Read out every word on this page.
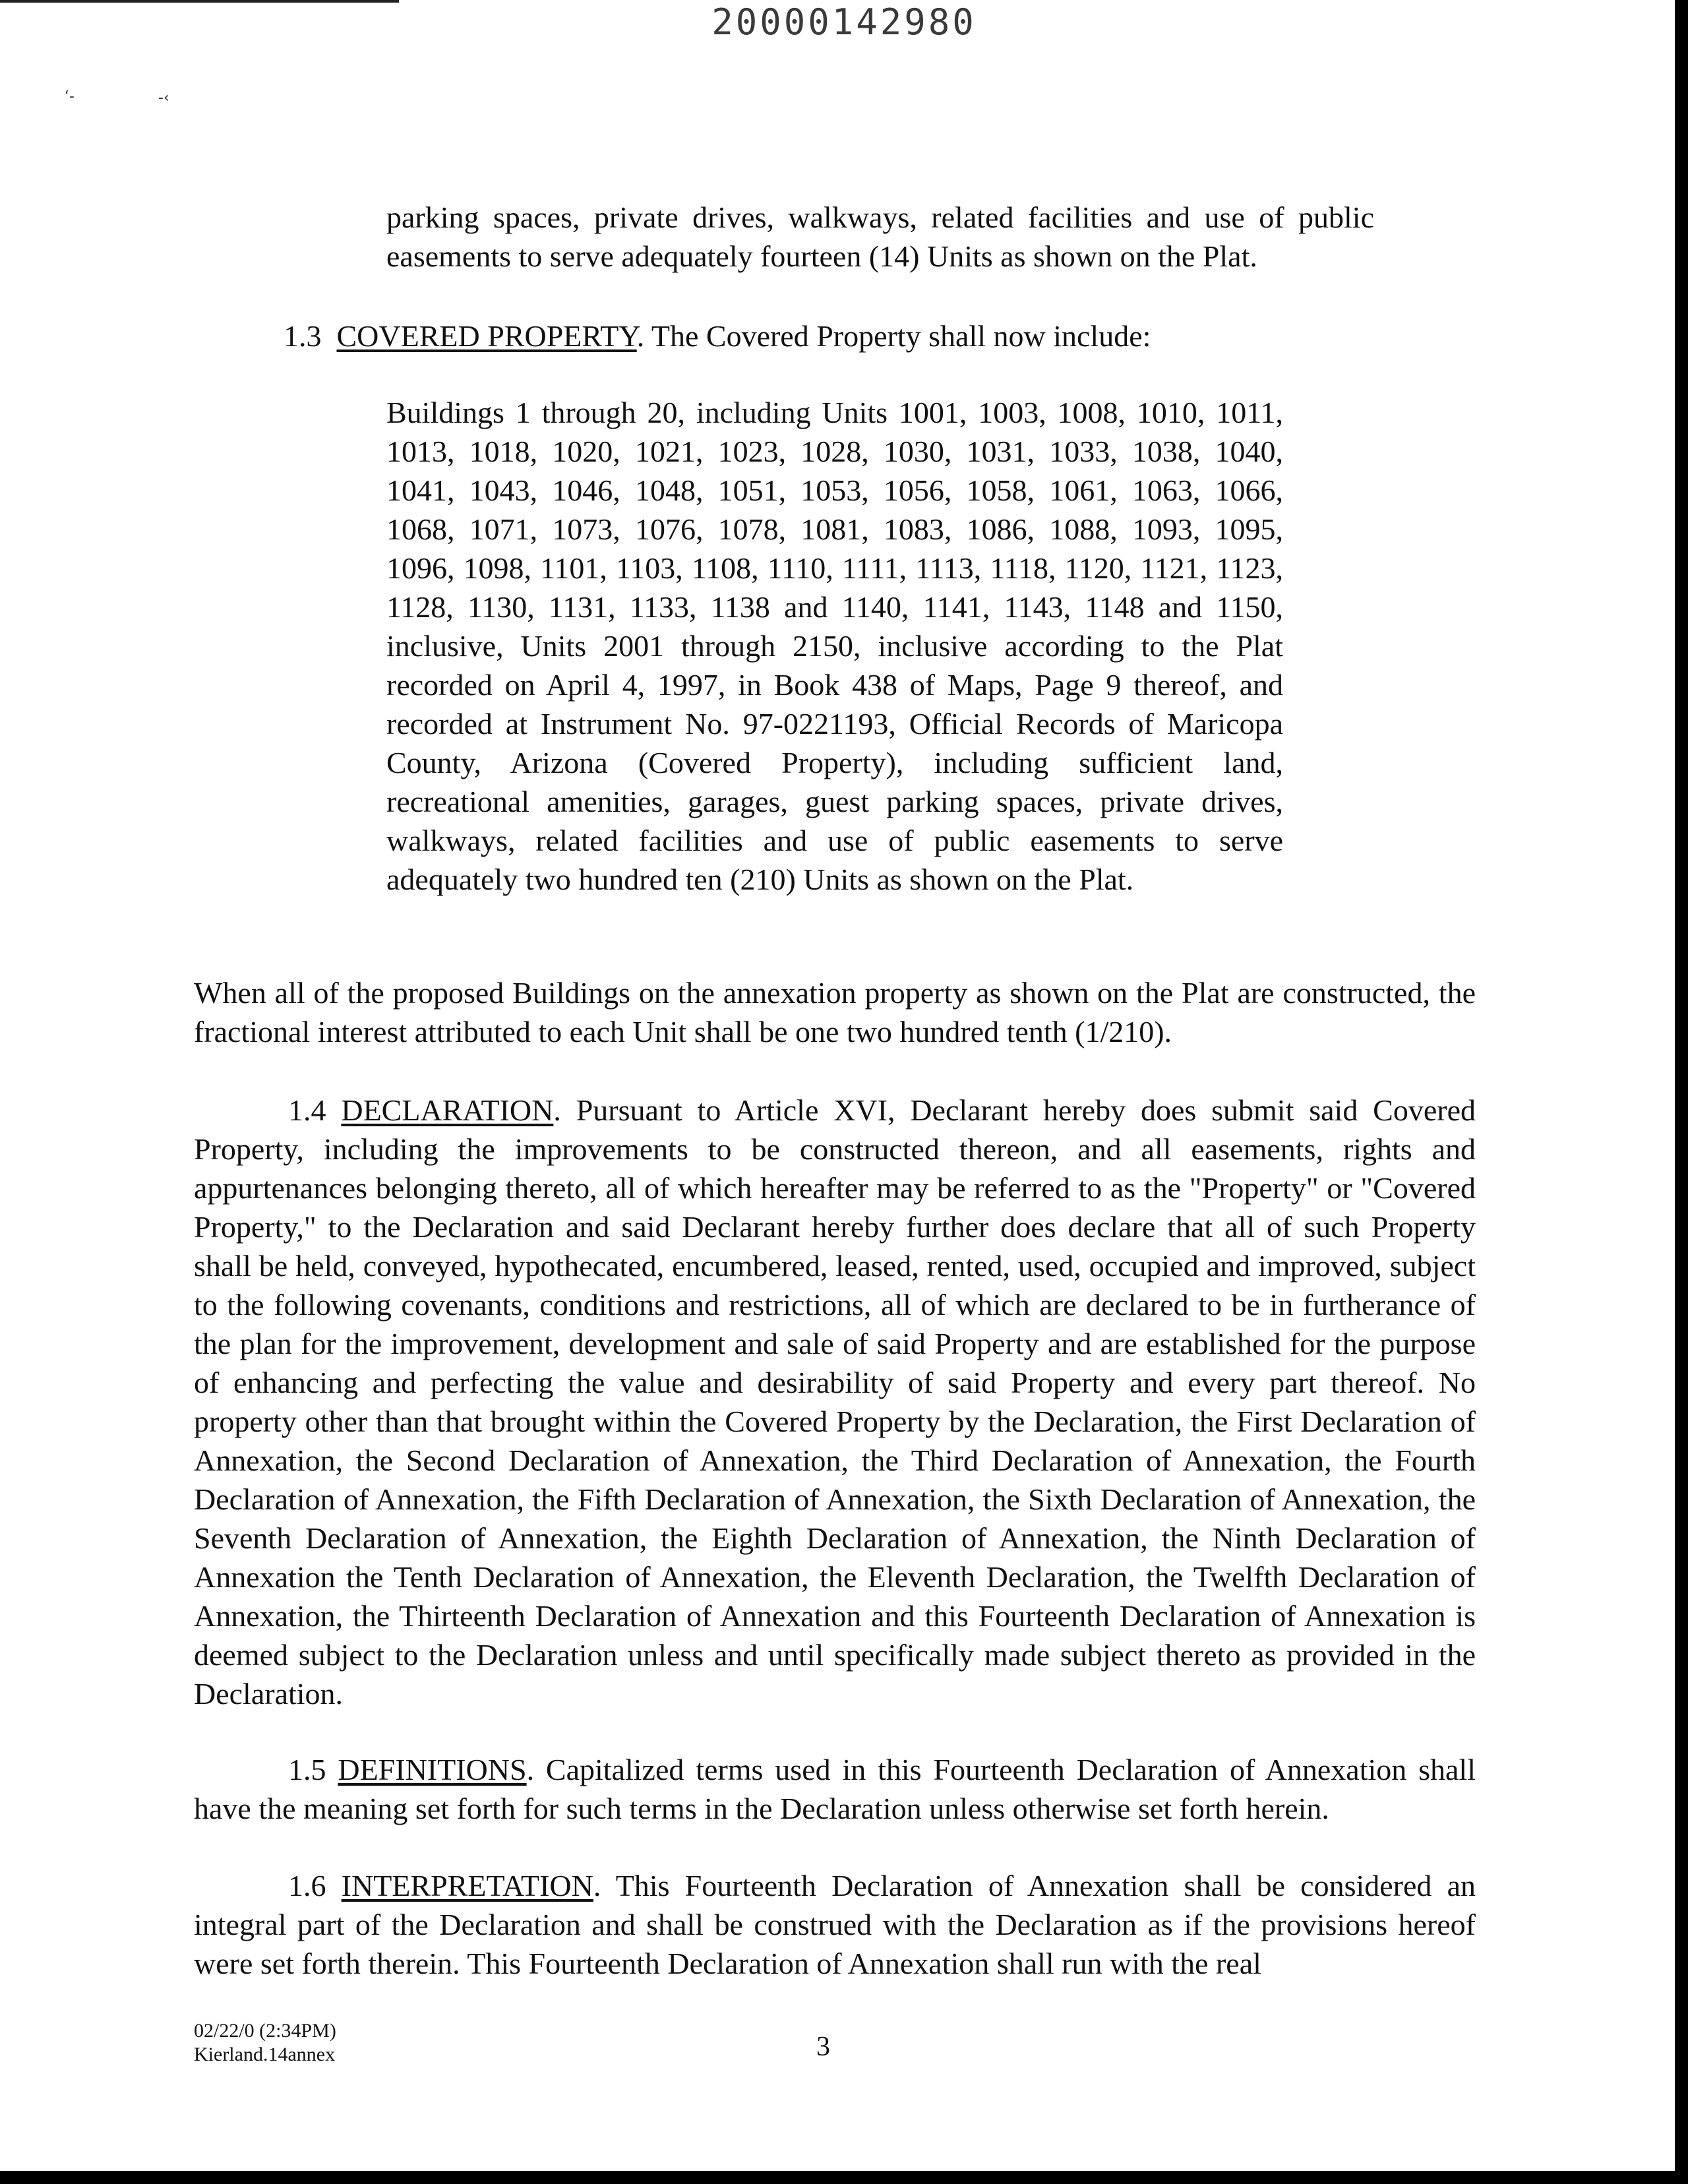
20000142980
‘-	-‹

parking spaces, private drives, walkways, related facilities and use of public easements to serve adequately fourteen (14) Units as shown on the Plat.

1.3 COVERED PROPERTY. The Covered Property shall now include:

Buildings 1 through 20, including Units 1001, 1003, 1008, 1010, 1011, 1013, 1018, 1020, 1021, 1023, 1028, 1030, 1031, 1033, 1038, 1040, 1041, 1043, 1046, 1048, 1051, 1053, 1056, 1058, 1061, 1063, 1066, 1068, 1071, 1073, 1076, 1078, 1081, 1083, 1086, 1088, 1093, 1095, 1096, 1098, 1101, 1103, 1108, 1110, 1111, 1113, 1118, 1120, 1121, 1123, 1128, 1130, 1131, 1133, 1138 and 1140, 1141, 1143, 1148 and 1150, inclusive, Units 2001 through 2150, inclusive according to the Plat recorded on April 4, 1997, in Book 438 of Maps, Page 9 thereof, and recorded at Instrument No. 97-0221193, Official Records of Maricopa County, Arizona (Covered Property), including sufficient land, recreational amenities, garages, guest parking spaces, private drives, walkways, related facilities and use of public easements to serve adequately two hundred ten (210) Units as shown on the Plat.

When all of the proposed Buildings on the annexation property as shown on the Plat are constructed, the fractional interest attributed to each Unit shall be one two hundred tenth (1/210).

1.4 DECLARATION. Pursuant to Article XVI, Declarant hereby does submit said Covered Property, including the improvements to be constructed thereon, and all easements, rights and appurtenances belonging thereto, all of which hereafter may be referred to as the "Property" or "Covered Property," to the Declaration and said Declarant hereby further does declare that all of such Property shall be held, conveyed, hypothecated, encumbered, leased, rented, used, occupied and improved, subject to the following covenants, conditions and restrictions, all of which are declared to be in furtherance of the plan for the improvement, development and sale of said Property and are established for the purpose of enhancing and perfecting the value and desirability of said Property and every part thereof. No property other than that brought within the Covered Property by the Declaration, the First Declaration of Annexation, the Second Declaration of Annexation, the Third Declaration of Annexation, the Fourth Declaration of Annexation, the Fifth Declaration of Annexation, the Sixth Declaration of Annexation, the Seventh Declaration of Annexation, the Eighth Declaration of Annexation, the Ninth Declaration of Annexation the Tenth Declaration of Annexation, the Eleventh Declaration, the Twelfth Declaration of Annexation, the Thirteenth Declaration of Annexation and this Fourteenth Declaration of Annexation is deemed subject to the Declaration unless and until specifically made subject thereto as provided in the Declaration.

1.5 DEFINITIONS. Capitalized terms used in this Fourteenth Declaration of Annexation shall have the meaning set forth for such terms in the Declaration unless otherwise set forth herein.

1.6 INTERPRETATION. This Fourteenth Declaration of Annexation shall be considered an integral part of the Declaration and shall be construed with the Declaration as if the provisions hereof were set forth therein. This Fourteenth Declaration of Annexation shall run with the real

02/22/0 (2:34PM)
Kierland.14annex	3
